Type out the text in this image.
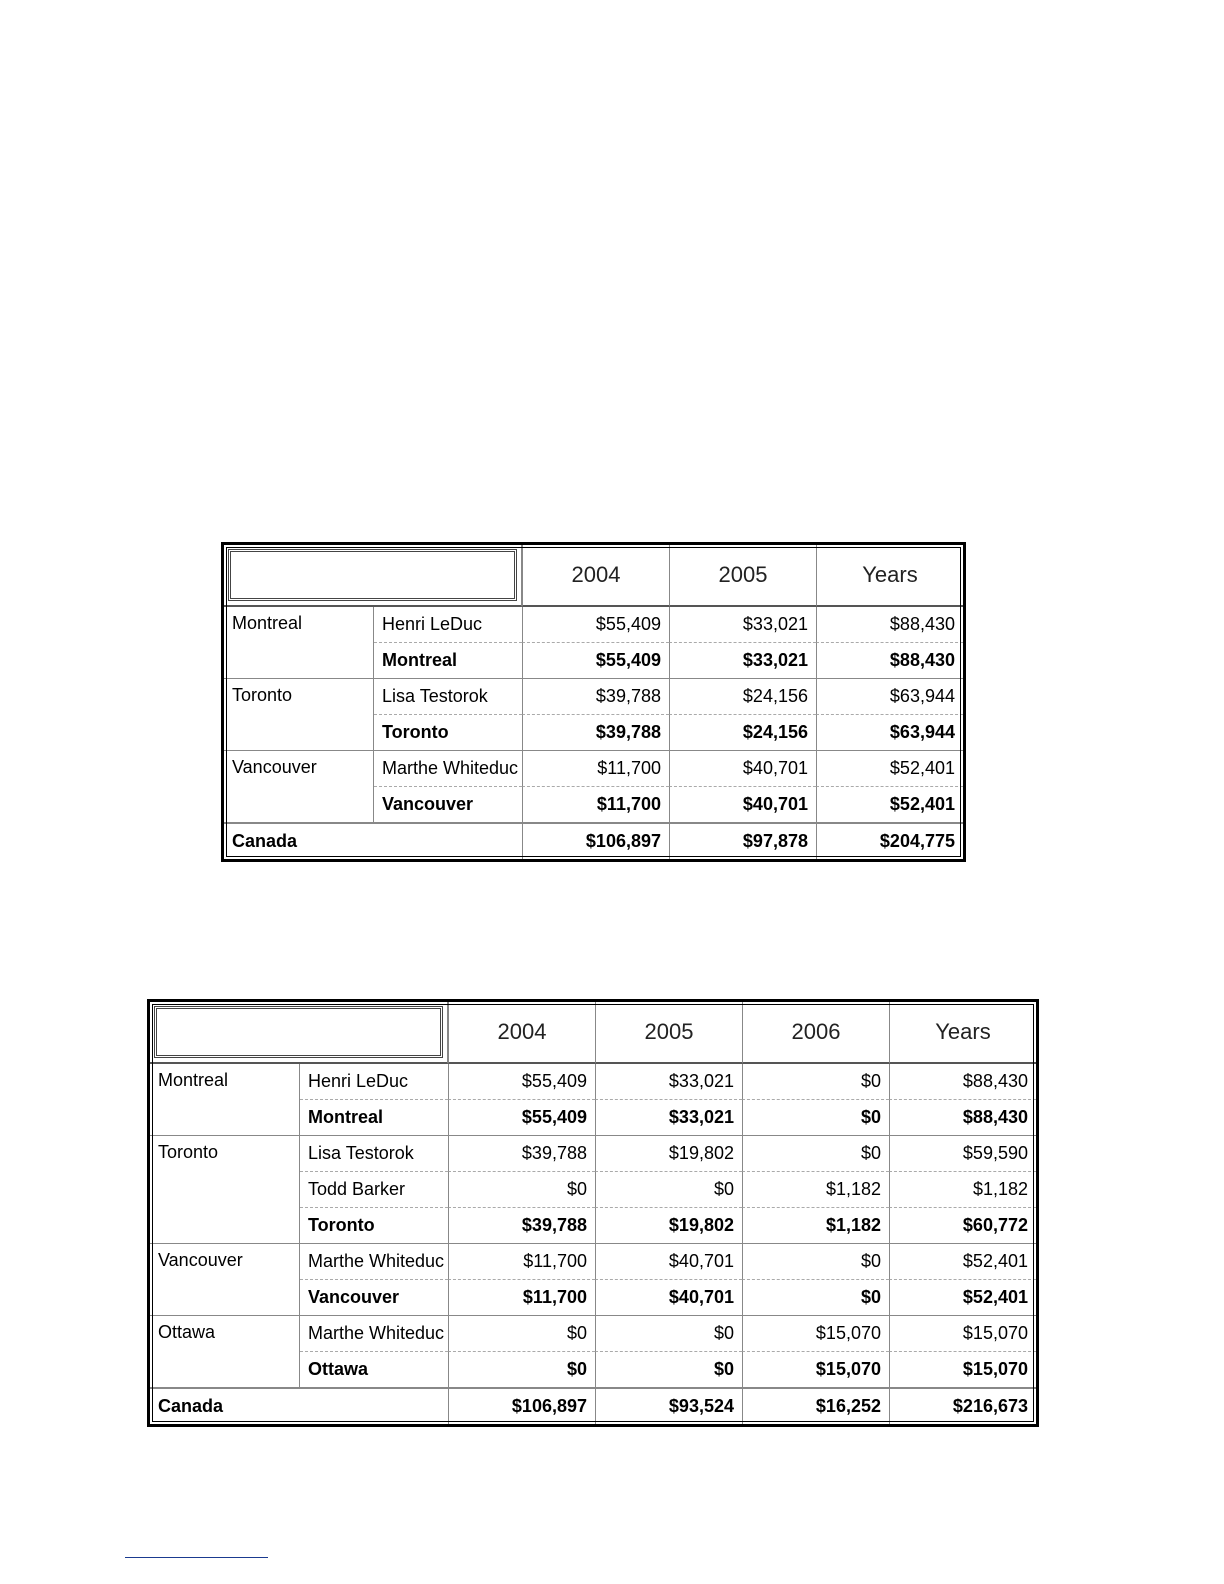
		2004	2005	Years
Montreal	Henri LeDuc	$55,409	$33,021	$88,430
	Montreal	$55,409	$33,021	$88,430
Toronto	Lisa Testorok	$39,788	$24,156	$63,944
	Toronto	$39,788	$24,156	$63,944
Vancouver	Marthe Whiteduc	$11,700	$40,701	$52,401
	Vancouver	$11,700	$40,701	$52,401
Canada		$106,897	$97,878	$204,775
		2004	2005	2006	Years
Montreal	Henri LeDuc	$55,409	$33,021	$0	$88,430
	Montreal	$55,409	$33,021	$0	$88,430
Toronto	Lisa Testorok	$39,788	$19,802	$0	$59,590
	Todd Barker	$0	$0	$1,182	$1,182
	Toronto	$39,788	$19,802	$1,182	$60,772
Vancouver	Marthe Whiteduc	$11,700	$40,701	$0	$52,401
	Vancouver	$11,700	$40,701	$0	$52,401
Ottawa	Marthe Whiteduc	$0	$0	$15,070	$15,070
	Ottawa	$0	$0	$15,070	$15,070
Canada		$106,897	$93,524	$16,252	$216,673
